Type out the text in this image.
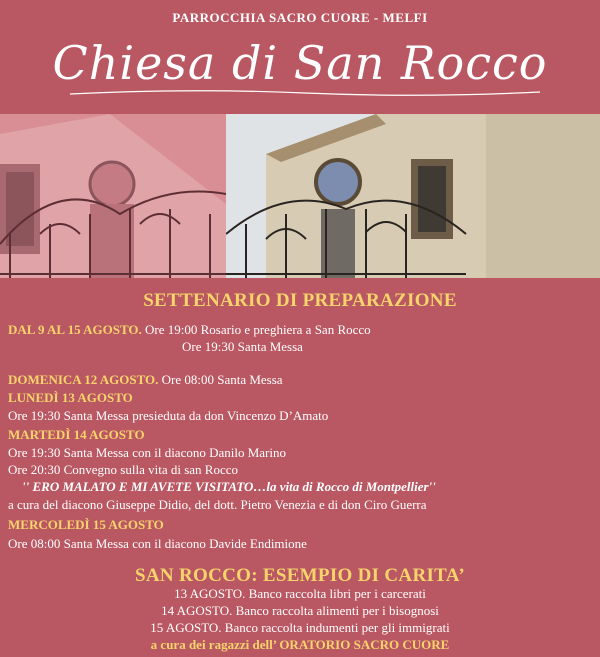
PARROCCHIA SACRO CUORE - MELFI
Chiesa di San Rocco
SETTENARIO DI PREPARAZIONE
DAL 9 AL 15 AGOSTO. Ore 19:00 Rosario e preghiera a San Rocco
Ore 19:30 Santa Messa
DOMENICA 12 AGOSTO. Ore 08:00 Santa Messa
LUNEDÌ 13 AGOSTO
Ore 19:30 Santa Messa presieduta da don Vincenzo D’Amato
MARTEDÌ 14 AGOSTO
Ore 19:30 Santa Messa con il diacono Danilo Marino
Ore 20:30 Convegno sulla vita di san Rocco
'' ERO MALATO E MI AVETE VISITATO…la vita di Rocco di Montpellier''
a cura del diacono Giuseppe Didio, del dott. Pietro Venezia e di don Ciro Guerra
MERCOLEDÌ 15 AGOSTO
Ore 08:00 Santa Messa con il diacono Davide Endimione
SAN ROCCO: ESEMPIO DI CARITA’
13 AGOSTO. Banco raccolta libri per i carcerati
14 AGOSTO. Banco raccolta alimenti per i bisognosi
15 AGOSTO. Banco raccolta indumenti per gli immigrati
a cura dei ragazzi dell’ ORATORIO SACRO CUORE
